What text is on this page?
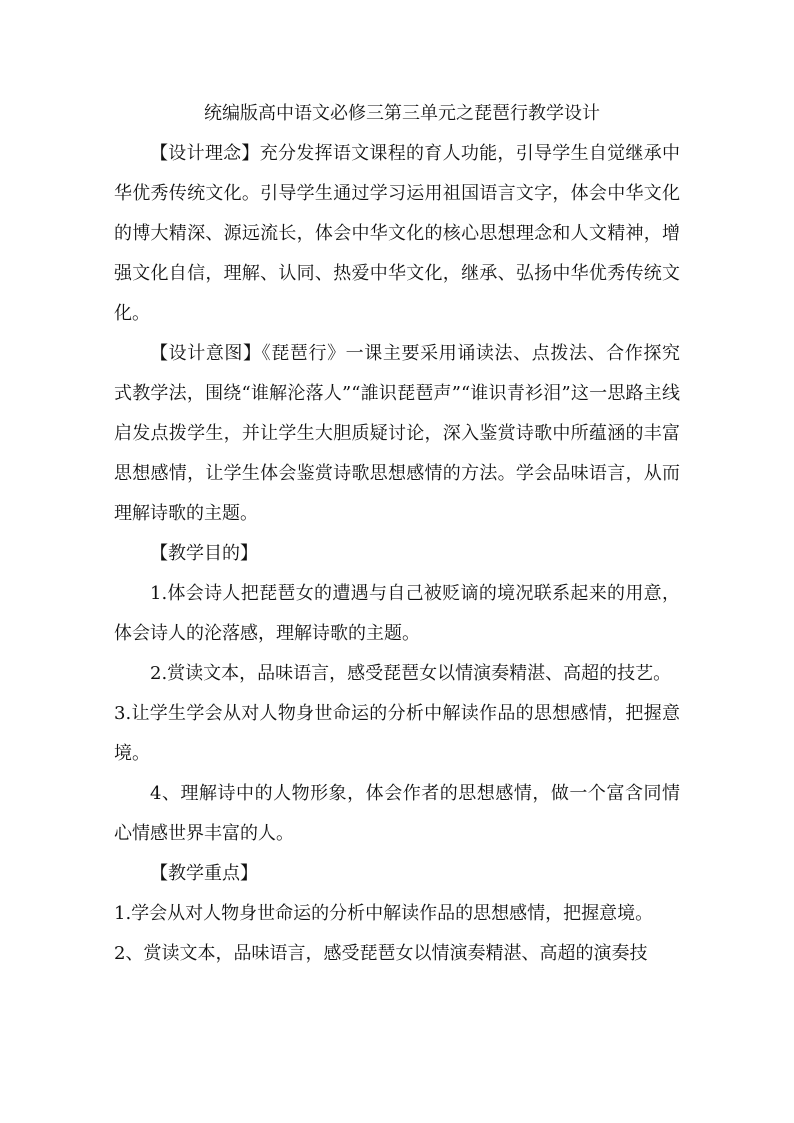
统编版高中语文必修三第三单元之琵琶行教学设计

【设计理念】充分发挥语文课程的育人功能，引导学生自觉继承中华优秀传统文化。引导学生通过学习运用祖国语言文字，体会中华文化的博大精深、源远流长，体会中华文化的核心思想理念和人文精神，增强文化自信，理解、认同、热爱中华文化，继承、弘扬中华优秀传统文化。

【设计意图】《琵琶行》一课主要采用诵读法、点拨法、合作探究式教学法，围绕“谁解沦落人”“誰识琵琶声”“谁识青衫泪”这一思路主线启发点拨学生，并让学生大胆质疑讨论，深入鉴赏诗歌中所蕴涵的丰富思想感情，让学生体会鉴赏诗歌思想感情的方法。学会品味语言，从而理解诗歌的主题。

【教学目的】

1.体会诗人把琵琶女的遭遇与自己被贬谪的境况联系起来的用意，体会诗人的沦落感，理解诗歌的主题。

2.赏读文本，品味语言，感受琵琶女以情演奏精湛、高超的技艺。

3.让学生学会从对人物身世命运的分析中解读作品的思想感情，把握意境。

4、理解诗中的人物形象，体会作者的思想感情，做一个富含同情心情感世界丰富的人。

【教学重点】

1.学会从对人物身世命运的分析中解读作品的思想感情，把握意境。

2、赏读文本，品味语言，感受琵琶女以情演奏精湛、高超的演奏技
